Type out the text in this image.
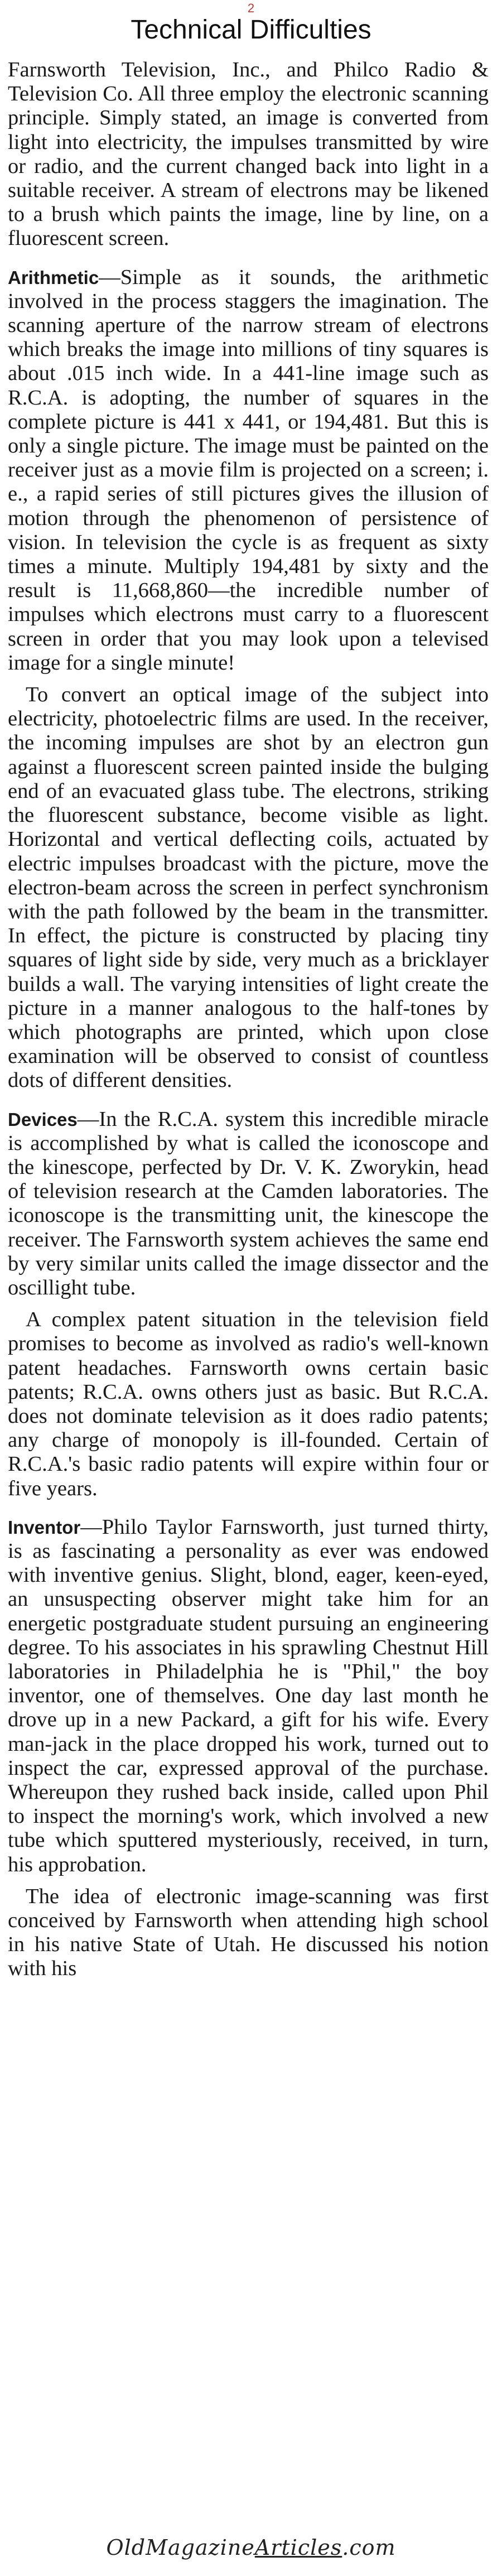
2
Technical Difficulties

Farnsworth Television, Inc., and Philco Radio & Television Co. All three employ the electronic scanning principle. Simply stated, an image is converted from light into electricity, the impulses transmitted by wire or radio, and the current changed back into light in a suitable receiver. A stream of electrons may be likened to a brush which paints the image, line by line, on a fluorescent screen.

Arithmetic—Simple as it sounds, the arithmetic involved in the process staggers the imagination. The scanning aperture of the narrow stream of electrons which breaks the image into millions of tiny squares is about .015 inch wide. In a 441-line image such as R.C.A. is adopting, the number of squares in the complete picture is 441 x 441, or 194,481. But this is only a single picture. The image must be painted on the receiver just as a movie film is projected on a screen; i. e., a rapid series of still pictures gives the illusion of motion through the phenomenon of persistence of vision. In television the cycle is as frequent as sixty times a minute. Multiply 194,481 by sixty and the result is 11,668,860—the incredible number of impulses which electrons must carry to a fluorescent screen in order that you may look upon a televised image for a single minute!

To convert an optical image of the subject into electricity, photoelectric films are used. In the receiver, the incoming impulses are shot by an electron gun against a fluorescent screen painted inside the bulging end of an evacuated glass tube. The electrons, striking the fluorescent substance, become visible as light. Horizontal and vertical deflecting coils, actuated by electric impulses broadcast with the picture, move the electron-beam across the screen in perfect synchronism with the path followed by the beam in the transmitter. In effect, the picture is constructed by placing tiny squares of light side by side, very much as a bricklayer builds a wall. The varying intensities of light create the picture in a manner analogous to the half-tones by which photographs are printed, which upon close examination will be observed to consist of countless dots of different densities.

Devices—In the R.C.A. system this incredible miracle is accomplished by what is called the iconoscope and the kinescope, perfected by Dr. V. K. Zworykin, head of television research at the Camden laboratories. The iconoscope is the transmitting unit, the kinescope the receiver. The Farnsworth system achieves the same end by very similar units called the image dissector and the oscillight tube.

A complex patent situation in the television field promises to become as involved as radio's well-known patent headaches. Farnsworth owns certain basic patents; R.C.A. owns others just as basic. But R.C.A. does not dominate television as it does radio patents; any charge of monopoly is ill-founded. Certain of R.C.A.'s basic radio patents will expire within four or five years.

Inventor—Philo Taylor Farnsworth, just turned thirty, is as fascinating a personality as ever was endowed with inventive genius. Slight, blond, eager, keen-eyed, an unsuspecting observer might take him for an energetic postgraduate student pursuing an engineering degree. To his associates in his sprawling Chestnut Hill laboratories in Philadelphia he is "Phil," the boy inventor, one of themselves. One day last month he drove up in a new Packard, a gift for his wife. Every man-jack in the place dropped his work, turned out to inspect the car, expressed approval of the purchase. Whereupon they rushed back inside, called upon Phil to inspect the morning's work, which involved a new tube which sputtered mysteriously, received, in turn, his approbation.

The idea of electronic image-scanning was first conceived by Farnsworth when attending high school in his native State of Utah. He discussed his notion with his

OldMagazineArticles.com
